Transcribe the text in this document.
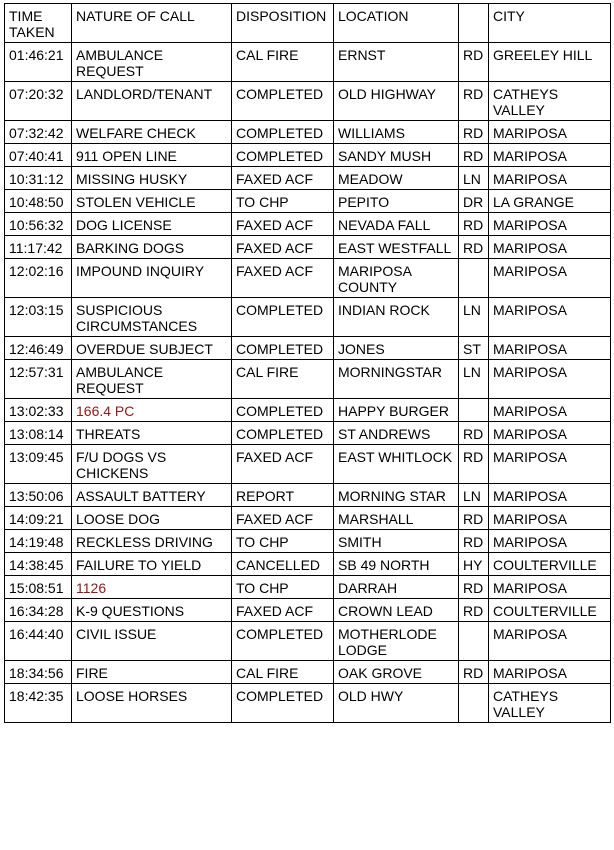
TIME TAKEN	NATURE OF CALL	DISPOSITION	LOCATION		CITY
01:46:21	AMBULANCE REQUEST	CAL FIRE	ERNST	RD	GREELEY HILL
07:20:32	LANDLORD/TENANT	COMPLETED	OLD HIGHWAY	RD	CATHEYS VALLEY
07:32:42	WELFARE CHECK	COMPLETED	WILLIAMS	RD	MARIPOSA
07:40:41	911 OPEN LINE	COMPLETED	SANDY MUSH	RD	MARIPOSA
10:31:12	MISSING HUSKY	FAXED ACF	MEADOW	LN	MARIPOSA
10:48:50	STOLEN VEHICLE	TO CHP	PEPITO	DR	LA GRANGE
10:56:32	DOG LICENSE	FAXED ACF	NEVADA FALL	RD	MARIPOSA
11:17:42	BARKING DOGS	FAXED ACF	EAST WESTFALL	RD	MARIPOSA
12:02:16	IMPOUND INQUIRY	FAXED ACF	MARIPOSA COUNTY		MARIPOSA
12:03:15	SUSPICIOUS CIRCUMSTANCES	COMPLETED	INDIAN ROCK	LN	MARIPOSA
12:46:49	OVERDUE SUBJECT	COMPLETED	JONES	ST	MARIPOSA
12:57:31	AMBULANCE REQUEST	CAL FIRE	MORNINGSTAR	LN	MARIPOSA
13:02:33	166.4 PC	COMPLETED	HAPPY BURGER		MARIPOSA
13:08:14	THREATS	COMPLETED	ST ANDREWS	RD	MARIPOSA
13:09:45	F/U DOGS VS CHICKENS	FAXED ACF	EAST WHITLOCK	RD	MARIPOSA
13:50:06	ASSAULT BATTERY	REPORT	MORNING STAR	LN	MARIPOSA
14:09:21	LOOSE DOG	FAXED ACF	MARSHALL	RD	MARIPOSA
14:19:48	RECKLESS DRIVING	TO CHP	SMITH	RD	MARIPOSA
14:38:45	FAILURE TO YIELD	CANCELLED	SB 49 NORTH	HY	COULTERVILLE
15:08:51	1126	TO CHP	DARRAH	RD	MARIPOSA
16:34:28	K-9 QUESTIONS	FAXED ACF	CROWN LEAD	RD	COULTERVILLE
16:44:40	CIVIL ISSUE	COMPLETED	MOTHERLODE LODGE		MARIPOSA
18:34:56	FIRE	CAL FIRE	OAK GROVE	RD	MARIPOSA
18:42:35	LOOSE HORSES	COMPLETED	OLD HWY		CATHEYS VALLEY
